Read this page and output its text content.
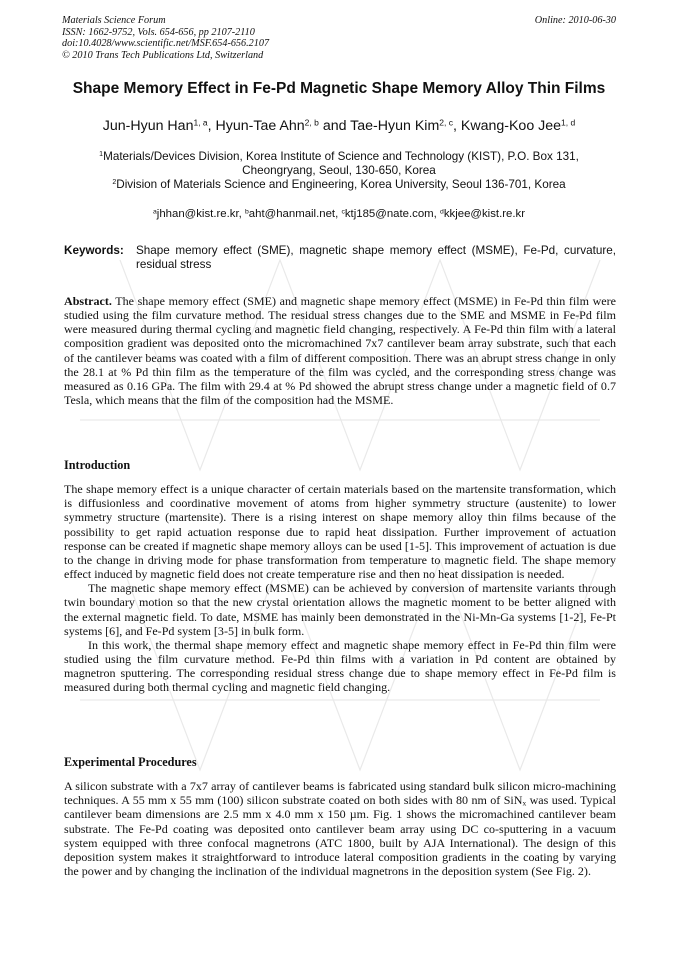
Materials Science Forum
ISSN: 1662-9752, Vols. 654-656, pp 2107-2110
doi:10.4028/www.scientific.net/MSF.654-656.2107
© 2010 Trans Tech Publications Ltd, Switzerland
Online: 2010-06-30
Shape Memory Effect in Fe-Pd Magnetic Shape Memory Alloy Thin Films
Jun-Hyun Han$^{1, a}$, Hyun-Tae Ahn$^{2, b}$ and Tae-Hyun Kim$^{2, c}$, Kwang-Koo Jee$^{1, d}$
$^1$Materials/Devices Division, Korea Institute of Science and Technology (KIST), P.O. Box 131,
Cheongryang, Seoul, 130-650, Korea
$^2$Division of Materials Science and Engineering, Korea University, Seoul 136-701, Korea
$^a$jhhan@kist.re.kr, $^b$aht@hanmail.net, $^c$ktj185@nate.com, $^d$kkjee@kist.re.kr
Keywords: Shape memory effect (SME), magnetic shape memory effect (MSME), Fe-Pd, curvature, residual stress

Abstract. The shape memory effect (SME) and magnetic shape memory effect (MSME) in Fe-Pd thin film were studied using the film curvature method. The residual stress changes due to the SME and MSME in Fe-Pd film were measured during thermal cycling and magnetic field changing, respectively. A Fe-Pd thin film with a lateral composition gradient was deposited onto the micromachined 7x7 cantilever beam array substrate, such that each of the cantilever beams was coated with a film of different composition. There was an abrupt stress change in only the 28.1 at % Pd thin film as the temperature of the film was cycled, and the corresponding stress change was measured as 0.16 GPa. The film with 29.4 at % Pd showed the abrupt stress change under a magnetic field of 0.7 Tesla, which means that the film of the composition had the MSME.

Introduction

The shape memory effect is a unique character of certain materials based on the martensite transformation, which is diffusionless and coordinative movement of atoms from higher symmetry structure (austenite) to lower symmetry structure (martensite). There is a rising interest on shape memory alloy thin films because of the possibility to get rapid actuation response due to rapid heat dissipation. Further improvement of actuation response can be created if magnetic shape memory alloys can be used [1-5]. This improvement of actuation is due to the change in driving mode for phase transformation from temperature to magnetic field. The shape memory effect induced by magnetic field does not create temperature rise and then no heat dissipation is needed.

The magnetic shape memory effect (MSME) can be achieved by conversion of martensite variants through twin boundary motion so that the new crystal orientation allows the magnetic moment to be better aligned with the external magnetic field. To date, MSME has mainly been demonstrated in the Ni-Mn-Ga systems [1-2], Fe-Pt systems [6], and Fe-Pd system [3-5] in bulk form.

In this work, the thermal shape memory effect and magnetic shape memory effect in Fe-Pd thin film were studied using the film curvature method. Fe-Pd thin films with a variation in Pd content are obtained by magnetron sputtering. The corresponding residual stress change due to shape memory effect in Fe-Pd film is measured during both thermal cycling and magnetic field changing.

Experimental Procedures

A silicon substrate with a 7x7 array of cantilever beams is fabricated using standard bulk silicon micro-machining techniques. A 55 mm x 55 mm (100) silicon substrate coated on both sides with 80 nm of SiN$_x$ was used. Typical cantilever beam dimensions are 2.5 mm x 4.0 mm x 150 µm. Fig. 1 shows the micromachined cantilever beam substrate. The Fe-Pd coating was deposited onto cantilever beam array using DC co-sputtering in a vacuum system equipped with three confocal magnetrons (ATC 1800, built by AJA International). The design of this deposition system makes it straightforward to introduce lateral composition gradients in the coating by varying the power and by changing the inclination of the individual magnetrons in the deposition system (See Fig. 2).
